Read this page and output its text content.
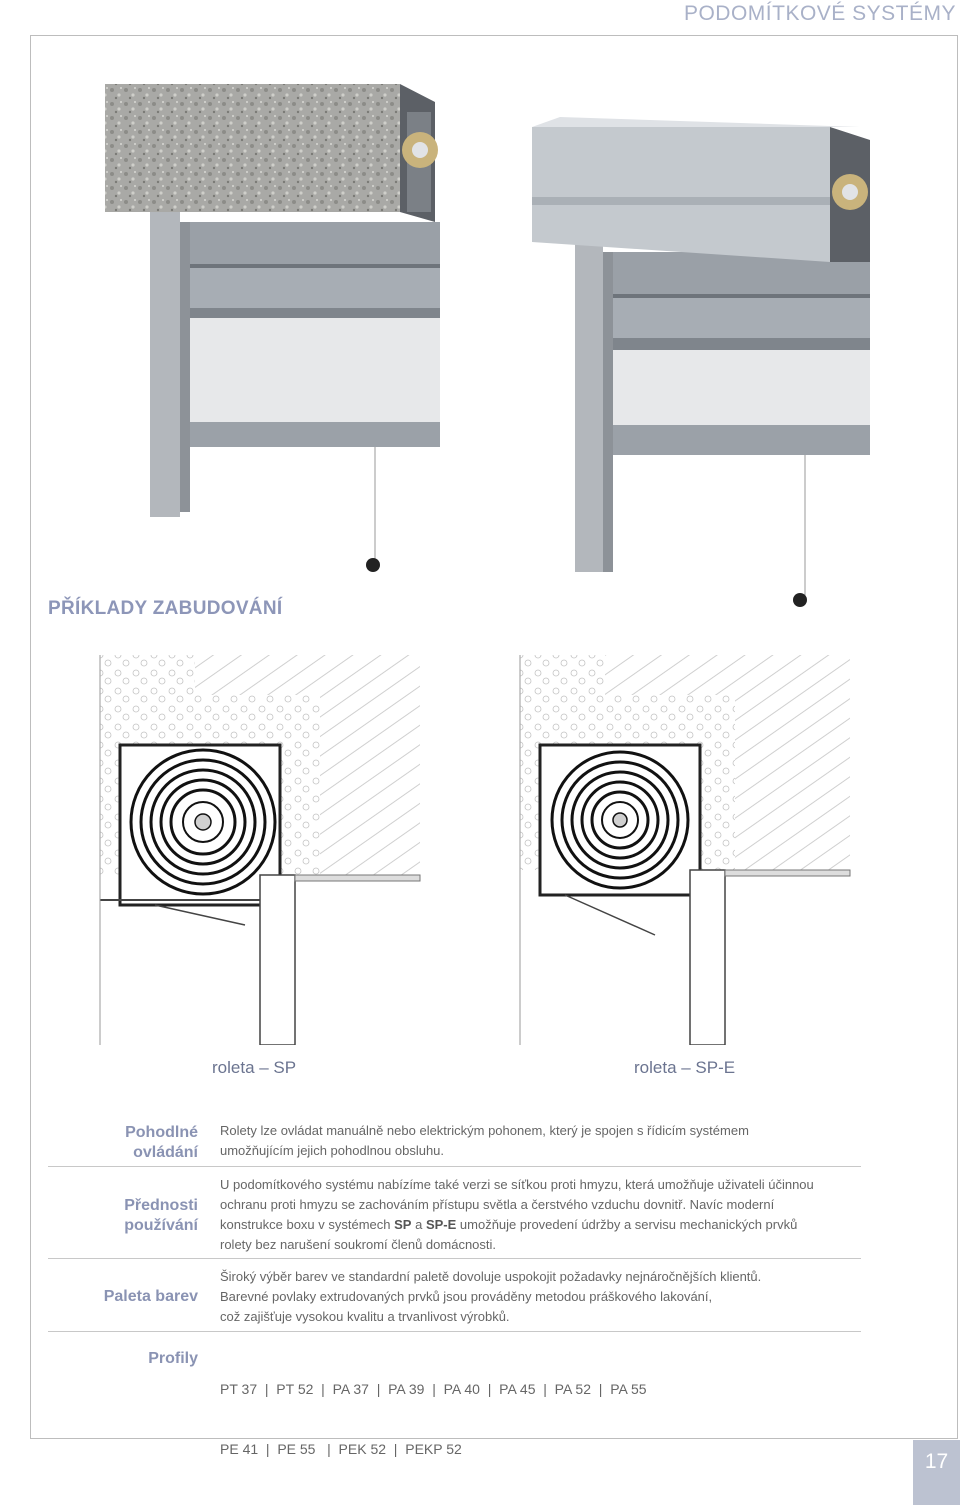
PODOMÍTKOVÉ SYSTÉMY
PŘÍKLADY ZABUDOVÁNÍ
roleta – SP	roleta – SP-E
Pohodlné
ovládání
Rolety lze ovládat manuálně nebo elektrickým pohonem, který je spojen s řídicím systémem
umožňujícím jejich pohodlnou obsluhu.
Přednosti
používání
U podomítkového systému nabízíme také verzi se síťkou proti hmyzu, která umožňuje uživateli účinnou
ochranu proti hmyzu se zachováním přístupu světla a čerstvého vzduchu dovnitř. Navíc moderní
konstrukce boxu v systémech SP a SP-E umožňuje provedení údržby a servisu mechanických prvků
rolety bez narušení soukromí členů domácnosti.
Paleta barev
Široký výběr barev ve standardní paletě dovoluje uspokojit požadavky nejnáročnějších klientů.
Barevné povlaky extrudovaných prvků jsou prováděny metodou práškového lakování,
což zajišťuje vysokou kvalitu a trvanlivost výrobků.
Profily

PT 37  |  PT 52  |  PA 37  |  PA 39  |  PA 40  |  PA 45  |  PA 52  |  PA 55

PE 41  |  PE 55   |  PEK 52  |  PEKP 52

17
